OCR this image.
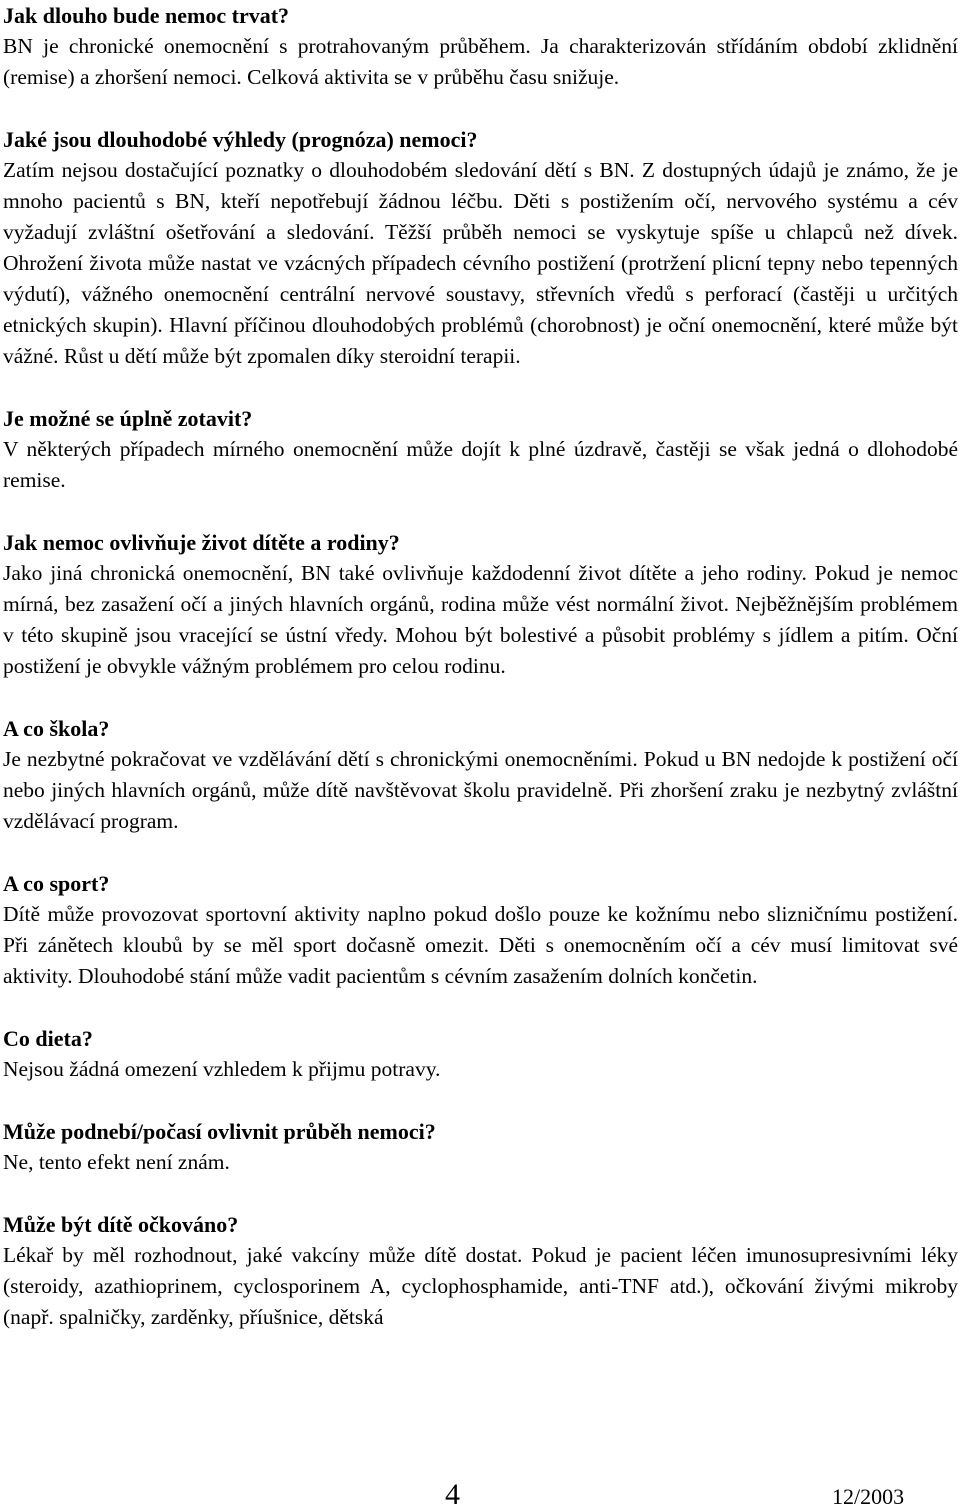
Jak dlouho bude nemoc trvat?

BN je chronické onemocnění s protrahovaným průběhem. Ja charakterizován střídáním období zklidnění (remise) a zhoršení nemoci. Celková aktivita se v průběhu času snižuje.

Jaké jsou dlouhodobé výhledy (prognóza) nemoci?

Zatím nejsou dostačující poznatky o dlouhodobém sledování dětí s BN. Z dostupných údajů je známo, že je mnoho pacientů s BN, kteří nepotřebují žádnou léčbu. Děti s postižením očí, nervového systému a cév vyžadují zvláštní ošetřování a sledování. Těžší průběh nemoci se vyskytuje spíše u chlapců než dívek. Ohrožení života může nastat ve vzácných případech cévního postižení (protržení plicní tepny nebo tepenných výdutí), vážného onemocnění centrální nervové soustavy, střevních vředů s perforací (častěji u určitých etnických skupin). Hlavní příčinou dlouhodobých problémů (chorobnost) je oční onemocnění, které může být vážné. Růst u dětí může být zpomalen díky steroidní terapii.

Je možné se úplně zotavit?

V některých případech mírného onemocnění může dojít k plné úzdravě, častěji se však jedná o dlohodobé remise.

Jak nemoc ovlivňuje život dítěte a rodiny?

Jako jiná chronická onemocnění, BN také ovlivňuje každodenní život dítěte a jeho rodiny. Pokud je nemoc mírná, bez zasažení očí a jiných hlavních orgánů, rodina může vést normální život. Nejběžnějším problémem v této skupině jsou vracející se ústní vředy. Mohou být bolestivé a působit problémy s jídlem a pitím. Oční postižení je obvykle vážným problémem pro celou rodinu.

A co škola?

Je nezbytné pokračovat ve vzdělávání dětí s chronickými onemocněními. Pokud u BN nedojde k postižení očí nebo jiných hlavních orgánů, může dítě navštěvovat školu pravidelně. Při zhoršení zraku je nezbytný zvláštní vzdělávací program.

A co sport?

Dítě může provozovat sportovní aktivity naplno pokud došlo pouze ke kožnímu nebo slizničnímu postižení. Při zánětech kloubů by se měl sport dočasně omezit. Děti s onemocněním očí a cév musí limitovat své aktivity. Dlouhodobé stání může vadit pacientům s cévním zasažením dolních končetin.

Co dieta?

Nejsou žádná omezení vzhledem k přijmu potravy.

Může podnebí/počasí ovlivnit průběh nemoci?

Ne, tento efekt není znám.

Může být dítě očkováno?

Lékař by měl rozhodnout, jaké vakcíny může dítě dostat. Pokud je pacient léčen imunosupresivními léky (steroidy, azathioprinem, cyclosporinem A, cyclophosphamide, anti-TNF atd.), očkování živými mikroby (např. spalničky, zarděnky, příušnice, dětská

4	12/2003
